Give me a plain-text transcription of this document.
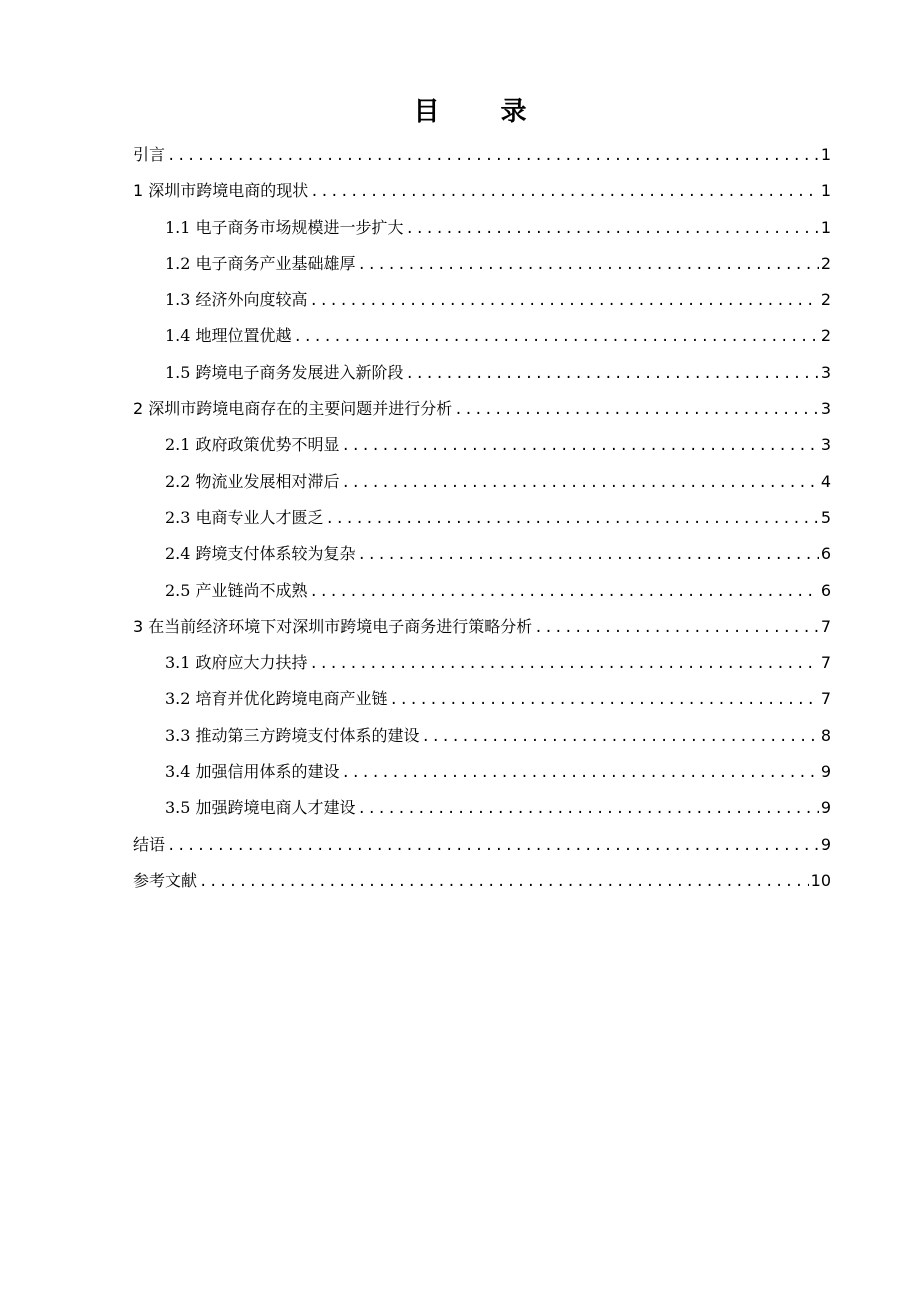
目 录
引言 .....	1
1 深圳市跨境电商的现状 .....	1
1.1 电子商务市场规模进一步扩大 .....	1
1.2 电子商务产业基础雄厚 .....	2
1.3 经济外向度较高 .....	2
1.4 地理位置优越 .....	2
1.5 跨境电子商务发展进入新阶段 .....	3
2 深圳市跨境电商存在的主要问题并进行分析 .....	3
2.1 政府政策优势不明显 .....	3
2.2 物流业发展相对滞后 .....	4
2.3 电商专业人才匮乏 .....	5
2.4 跨境支付体系较为复杂 .....	6
2.5 产业链尚不成熟 .....	6
3 在当前经济环境下对深圳市跨境电子商务进行策略分析 .....	7
3.1 政府应大力扶持 .....	7
3.2 培育并优化跨境电商产业链 .....	7
3.3 推动第三方跨境支付体系的建设 .....	8
3.4 加强信用体系的建设 .....	9
3.5 加强跨境电商人才建设 .....	9
结语 .....	9
参考文献 .....	10
